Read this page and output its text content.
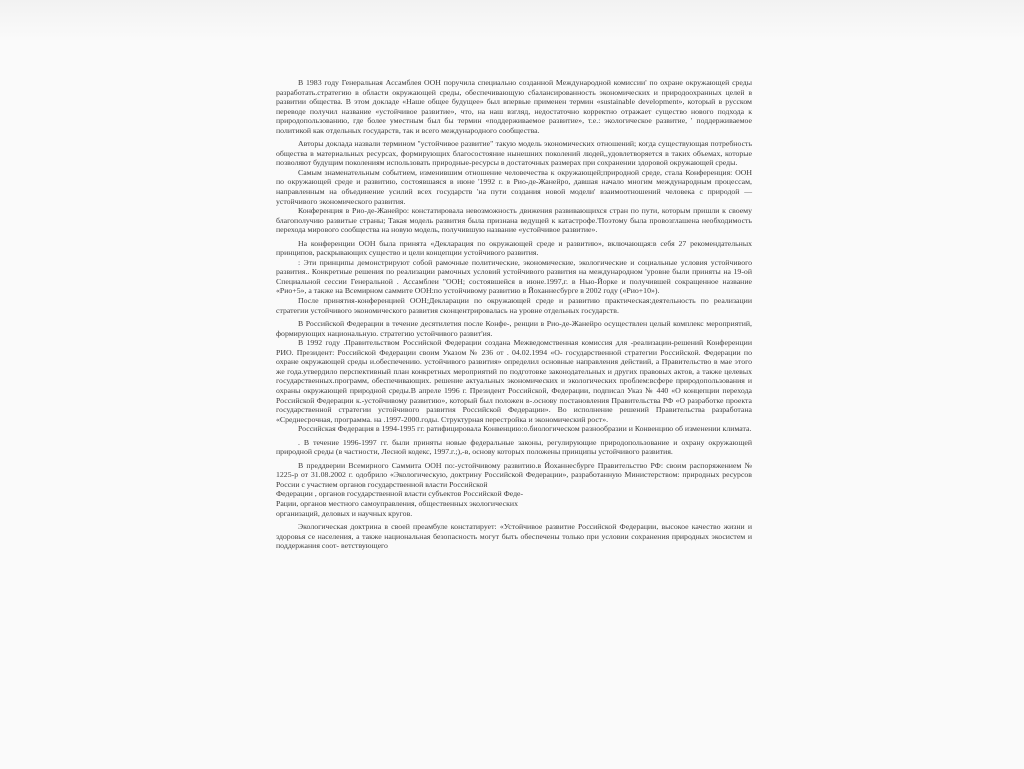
В 1983 году Генеральная Ассамблея ООН поручила специально созданной Международной комиссии' по охране окружающей среды разработать.стратегию в области окружающей среды, обеспечивающую сбалансированность экономических и природоохранных целей в развитии общества. В этом докладе «Наше общее будущее» был впервые применен термин «sustainable development», который в русском переводе получил название «устойчивое развитие», что, на наш взгляд, недостаточно корректно отражает существо нового подхода к природопользованию, где более уместным был бы термин «поддерживаемое развитие», т.е.: экологическое развитие, ' поддерживаемое политикой как отдельных государств, так и всего международного сообщества.

Авторы доклада назвали термином "устойчивое развитие" такую модель экономических отношений; когда существующая потребность общества в материальных ресурсах, формирующих благосостояние нынешних поколений людей,,удовлетворяется в таких объемах, которые позволяют будущим поколениям использовать природные-ресурсы в достаточных размерах при сохранении здоровой окружающей среды.

Самым знаменательным событием, изменившим отношение человечества к окружающей;природной среде, стала Конференция: ООН по окружающей среде и развитию, состоявшаяся в июне '1992 г. в Рио-де-Жанейро, давшая начало многим международным процессам, направленным на объединение усилий всех государств 'на пути создания новой модели' взаимоотношений человека с природой — устойчивого экономического развития.

Конференция в Рио-де-Жанейро: констатировала невозможность движения развивающихся стран по пути, которым пришли к своему благополучию развитые страны; Такая модель развития была признана ведущей к катастрофе.'Поэтому была провозглашена необходимость перехода мирового сообщества на новую модель, получившую название «устойчивое развитие».

На конференции ООН была принята «Декларация по окружающей среде и развитию», включающая:в себя 27 рекомендательных принципов, раскрывающих существо и цели концепции устойчивого развития.

: Эти принципы демонстрируют собой рамочные политические, экономические, экологические и социальные условия устойчивого развития.. Конкретные решения по реализации рамочных условий устойчивого развития на международном 'уровне были приняты на 19-ой Специальной сессии Генеральной . Ассамблеи "ООН; состоявшейся в июне.1997,г. в Нью-Йорке и получившей сокращенное название «Рио+5», а также на Всемирном саммите ООН:по устойчивому развитию в Йоханнесбурге в 2002 году («Рио+10»).

После принятия-конференцией ООН;Декларации по окружающей среде и развитию практическая:деятельность по реализации стратегии устойчивого экономического развития сконцентрировалась на уровне отдельных государств.

В Российской Федерации в течение десятилетия после Конфе-, ренции в Рио-де-Жанейро осуществлен целый комплекс мероприятий, формирующих национальную. стратегию устойчивого развит'ия.

В 1992 году .Правительством Российской Федерации создана Межведомственная комиссия для -реализации-решений Конференции РИО. Президент: Российской Федерации своим Указом № 236 от . 04.02.1994 «О- государственной стратегии Российской. Федерации по охране окружающей среды и.обеспечению. устойчивого развития» определил основные направления действий, а Правительство в мае этого же года.утвердило перспективный план конкретных мероприятий по подготовке законодательных и других правовых актов, а также целевых государственных.программ, обеспечивающих. решение актуальных экономических и экологических проблем:всфере природопользования и охраны окружающей природной среды.В апреле 1996 г. Президент Российской, Федерации, подписал Указ № 440 «О концепции перехода Российской Федерации к.-устойчивому развитию», который был положен в-.основу постановления Правительства РФ «О разработке проекта государственной стратегии устойчивого развития Российской Федерации». Во исполнение решений Правительства разработана «Среднесрочная, программа. на .1997-2000.годы. Структурная перестройка и экономический рост».

Российская Федерация в 1994-1995 гг. ратифицировала Конвенцию:о.биологическом разнообразии и Конвенцию об изменении климата.

. В течение 1996-1997 гг. были приняты новые федеральные законы, регулирующие природопользование и охрану окружающей природной среды (в частности, Лесной кодекс, 1997.г.;),-в, основу которых положены принципы устойчивого развития.

В преддверии Всемирного Саммита ООН по:-устойчивому развитию.в Йоханнесбурге Правительство РФ: своим распоряжением № 1225-р от 31.08.2002 г. одобрило «Экологическую, доктрину Российской Федерации», разработанную Министерством: природных ресурсов России с участием органов государственной власти Российской

Федерации , органов государственной власти субъектов Российской Феде-

Рации, органов местного самоуправления, общественных экологических

организаций, деловых и научных кругов.

Экологическая доктрина в своей преамбуле констатирует: «Устойчивое развитие Российской Федерации, высокое качество жизни и здоровья се населения, а также национальная безопасность могут быть обеспечены только при условии сохранения природных экосистем и поддержания соот- ветствующего
